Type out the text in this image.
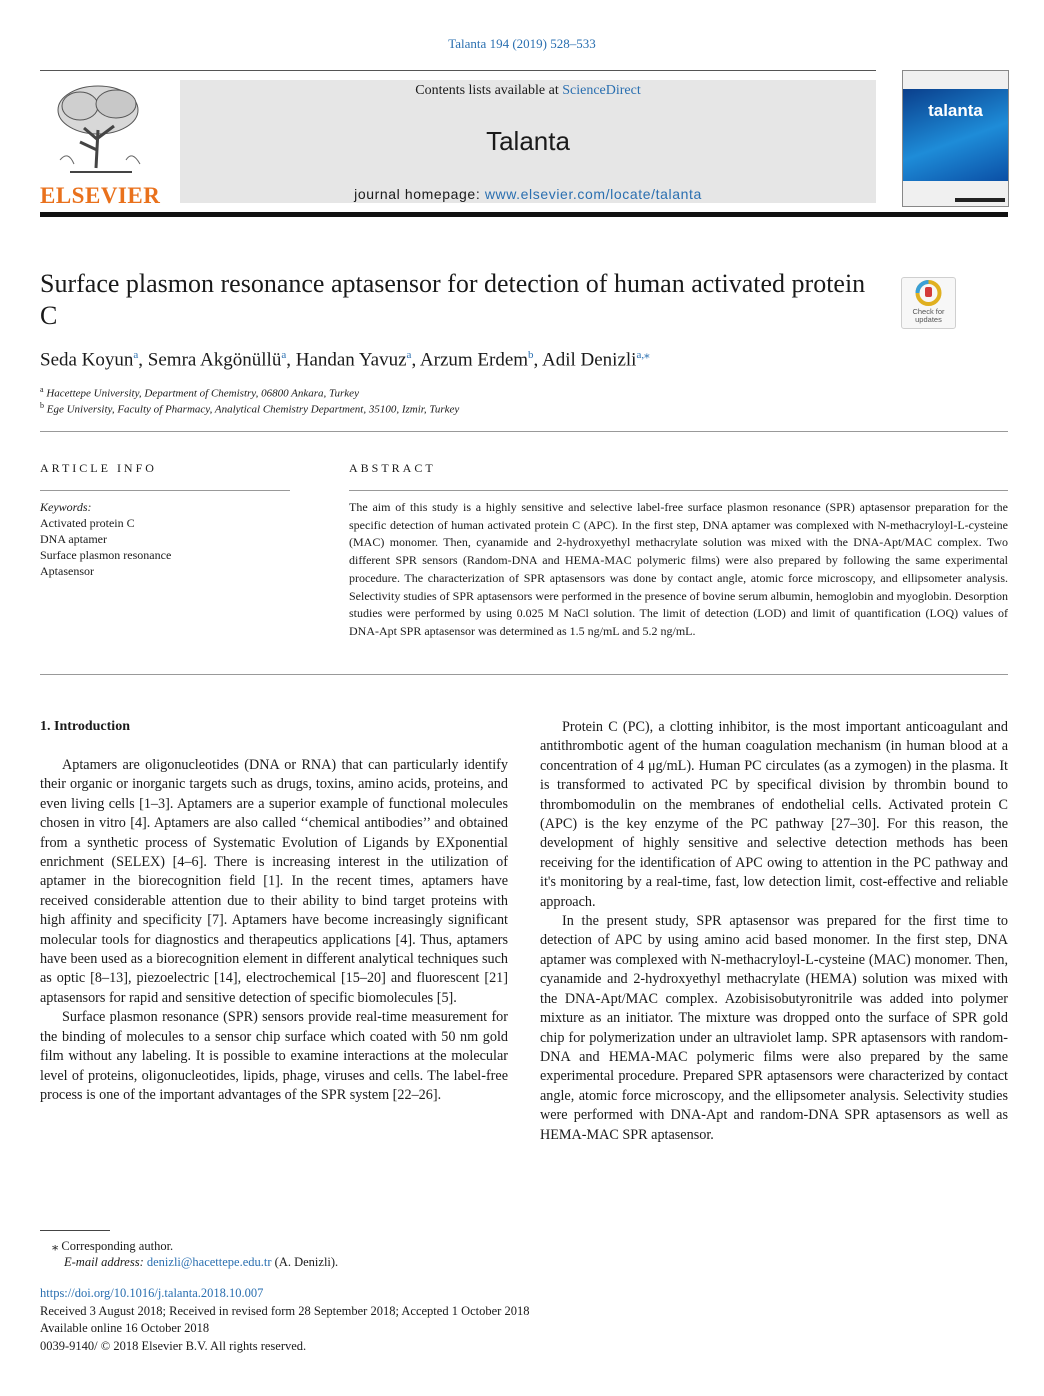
Talanta 194 (2019) 528–533
ELSEVIER
Contents lists available at ScienceDirect
Talanta
journal homepage: www.elsevier.com/locate/talanta
talanta
Surface plasmon resonance aptasensor for detection of human activated protein C	Check for updates
Seda Koyun$^a$, Semra Akgönüllü$^a$, Handan Yavuz$^a$, Arzum Erdem$^b$, Adil Denizli$^{a,⁎}$
$^a$ Hacettepe University, Department of Chemistry, 06800 Ankara, Turkey
$^b$ Ege University, Faculty of Pharmacy, Analytical Chemistry Department, 35100, Izmir, Turkey
ARTICLE INFO
Keywords:
Activated protein C
DNA aptamer
Surface plasmon resonance
Aptasensor
ABSTRACT
The aim of this study is a highly sensitive and selective label-free surface plasmon resonance (SPR) aptasensor preparation for the specific detection of human activated protein C (APC). In the first step, DNA aptamer was complexed with N-methacryloyl-L-cysteine (MAC) monomer. Then, cyanamide and 2-hydroxyethyl methacrylate solution was mixed with the DNA-Apt/MAC complex. Two different SPR sensors (Random-DNA and HEMA-MAC polymeric films) were also prepared by following the same experimental procedure. The characterization of SPR aptasensors was done by contact angle, atomic force microscopy, and ellipsometer analysis. Selectivity studies of SPR aptasensors were performed in the presence of bovine serum albumin, hemoglobin and myoglobin. Desorption studies were performed by using 0.025 M NaCl solution. The limit of detection (LOD) and limit of quantification (LOQ) values of DNA-Apt SPR aptasensor was determined as 1.5 ng/mL and 5.2 ng/mL.
1. Introduction

Aptamers are oligonucleotides (DNA or RNA) that can particularly identify their organic or inorganic targets such as drugs, toxins, amino acids, proteins, and even living cells [1–3]. Aptamers are a superior example of functional molecules chosen in vitro [4]. Aptamers are also called ‘‘chemical antibodies’’ and obtained from a synthetic process of Systematic Evolution of Ligands by EXponential enrichment (SELEX) [4–6]. There is increasing interest in the utilization of aptamer in the biorecognition field [1]. In the recent times, aptamers have received considerable attention due to their ability to bind target proteins with high affinity and specificity [7]. Aptamers have become increasingly significant molecular tools for diagnostics and therapeutics applications [4]. Thus, aptamers have been used as a biorecognition element in different analytical techniques such as optic [8–13], piezoelectric [14], electrochemical [15–20] and fluorescent [21] aptasensors for rapid and sensitive detection of specific biomolecules [5].

Surface plasmon resonance (SPR) sensors provide real-time measurement for the binding of molecules to a sensor chip surface which coated with 50 nm gold film without any labeling. It is possible to examine interactions at the molecular level of proteins, oligonucleotides, lipids, phage, viruses and cells. The label-free process is one of the important advantages of the SPR system [22–26].

Protein C (PC), a clotting inhibitor, is the most important anticoagulant and antithrombotic agent of the human coagulation mechanism (in human blood at a concentration of 4 μg/mL). Human PC circulates (as a zymogen) in the plasma. It is transformed to activated PC by specifical division by thrombin bound to thrombomodulin on the membranes of endothelial cells. Activated protein C (APC) is the key enzyme of the PC pathway [27–30]. For this reason, the development of highly sensitive and selective detection methods has been receiving for the identification of APC owing to attention in the PC pathway and it's monitoring by a real-time, fast, low detection limit, cost-effective and reliable approach.

In the present study, SPR aptasensor was prepared for the first time to detection of APC by using amino acid based monomer. In the first step, DNA aptamer was complexed with N-methacryloyl-L-cysteine (MAC) monomer. Then, cyanamide and 2-hydroxyethyl methacrylate (HEMA) solution was mixed with the DNA-Apt/MAC complex. Azobisisobutyronitrile was added into polymer mixture as an initiator. The mixture was dropped onto the surface of SPR gold chip for polymerization under an ultraviolet lamp. SPR aptasensors with random-DNA and HEMA-MAC polymeric films were also prepared by the same experimental procedure. Prepared SPR aptasensors were characterized by contact angle, atomic force microscopy, and the ellipsometer analysis. Selectivity studies were performed with DNA-Apt and random-DNA SPR aptasensors as well as HEMA-MAC SPR aptasensor.

⁎ Corresponding author.
E-mail address: denizli@hacettepe.edu.tr (A. Denizli).
https://doi.org/10.1016/j.talanta.2018.10.007
Received 3 August 2018; Received in revised form 28 September 2018; Accepted 1 October 2018
Available online 16 October 2018
0039-9140/ © 2018 Elsevier B.V. All rights reserved.
